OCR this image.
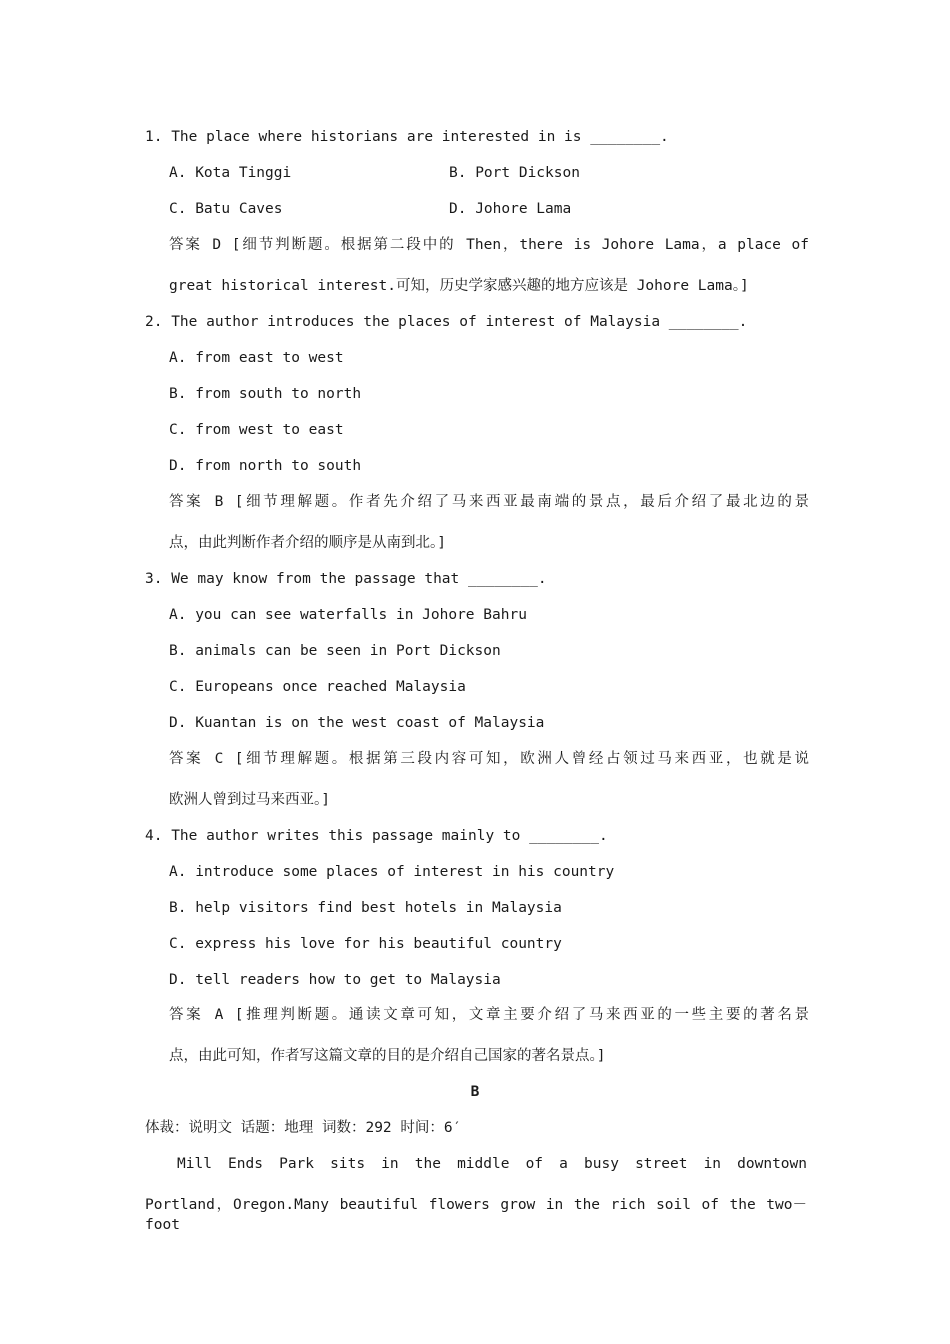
1. The place where historians are interested in is ________.
A. Kota Tinggi	B. Port Dickson
C. Batu Caves	D. Johore Lama
答案 D [细节判断题。根据第二段中的 Then，there is Johore Lama，a place of
great historical interest.可知，历史学家感兴趣的地方应该是 Johore Lama。]
2. The author introduces the places of interest of Malaysia ________.
A. from east to west
B. from south to north
C. from west to east
D. from north to south
答案 B [细节理解题。作者先介绍了马来西亚最南端的景点，最后介绍了最北边的景
点，由此判断作者介绍的顺序是从南到北。]
3. We may know from the passage that ________.
A. you can see waterfalls in Johore Bahru
B. animals can be seen in Port Dickson
C. Europeans once reached Malaysia
D. Kuantan is on the west coast of Malaysia
答案 C [细节理解题。根据第三段内容可知，欧洲人曾经占领过马来西亚，也就是说
欧洲人曾到过马来西亚。]
4. The author writes this passage mainly to ________.
A. introduce some places of interest in his country
B. help visitors find best hotels in Malaysia
C. express his love for his beautiful country
D. tell readers how to get to Malaysia
答案 A [推理判断题。通读文章可知，文章主要介绍了马来西亚的一些主要的著名景
点，由此可知，作者写这篇文章的目的是介绍自己国家的著名景点。]
B
体裁：说明文 话题：地理 词数：292 时间：6′
Mill Ends Park sits in the middle of a busy street in downtown
Portland，Oregon.Many beautiful flowers grow in the rich soil of the two－foot
